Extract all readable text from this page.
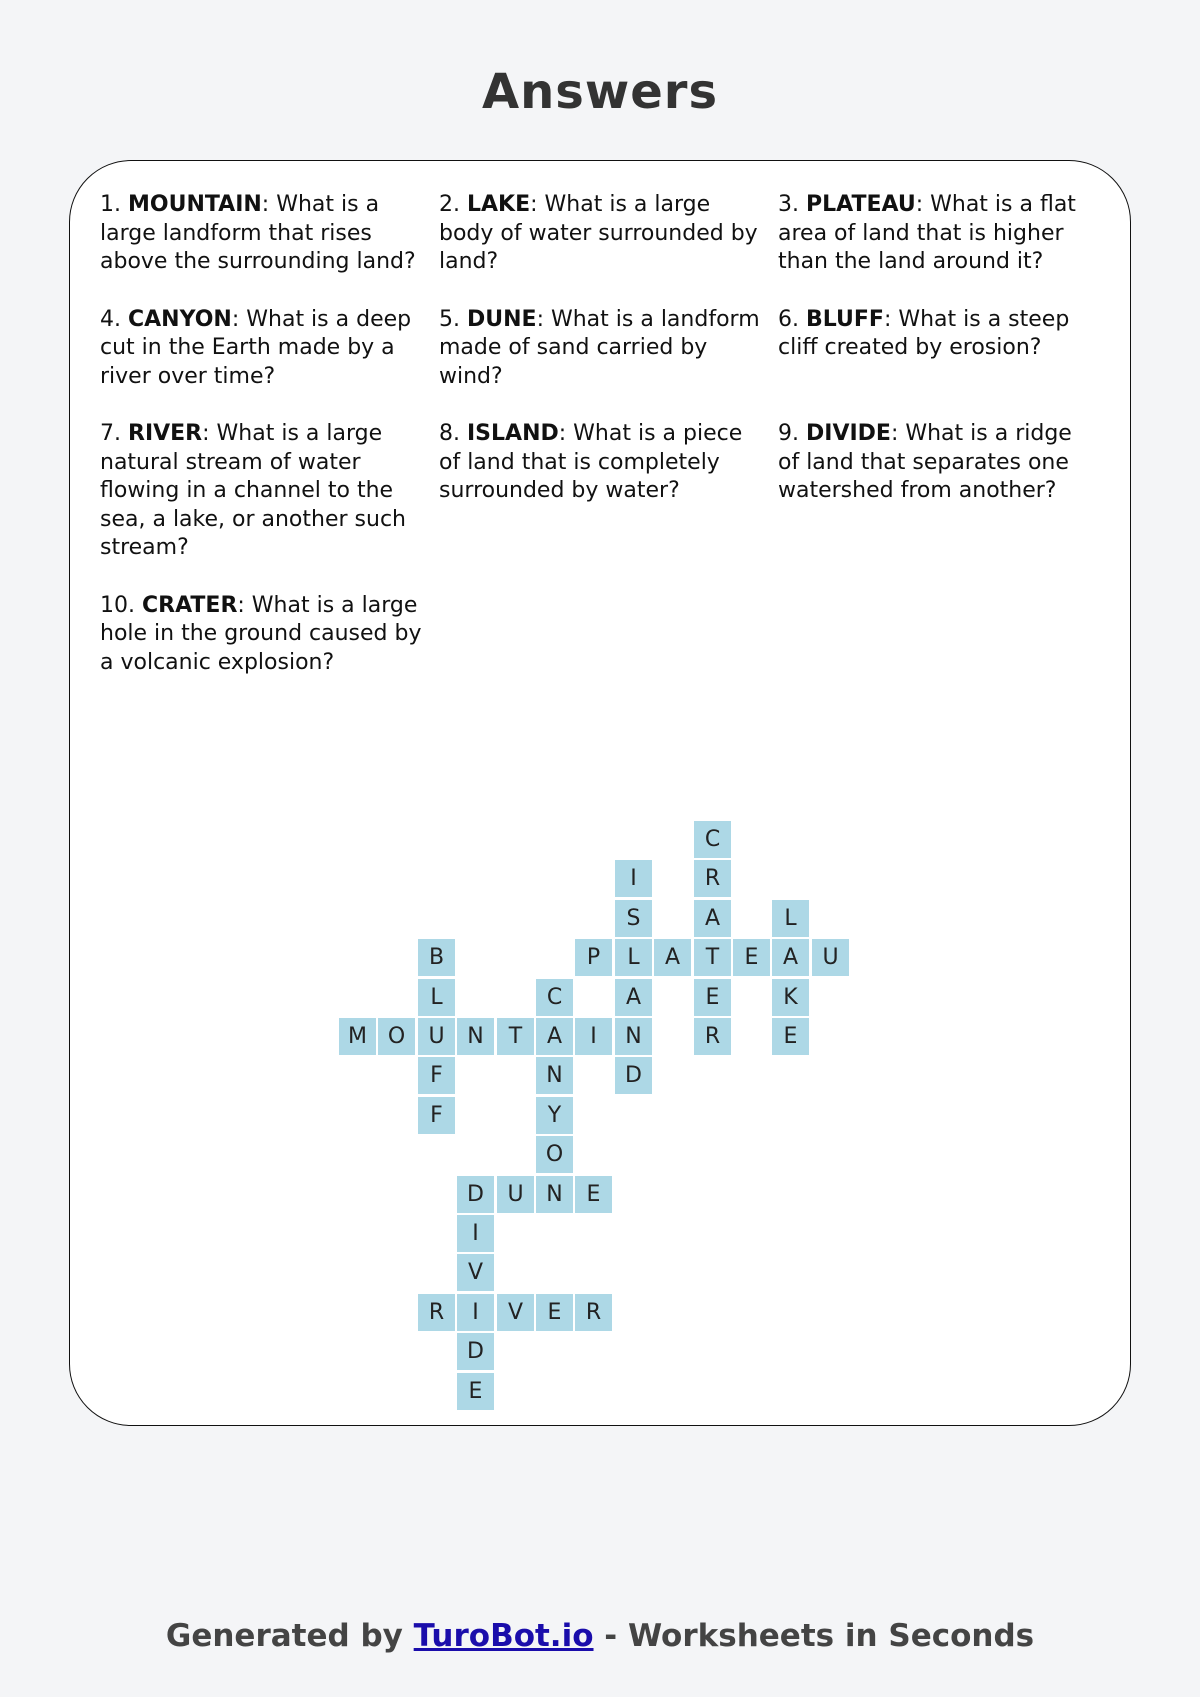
Answers
1. MOUNTAIN: What is a large landform that rises above the surrounding land?
2. LAKE: What is a large body of water surrounded by land?
3. PLATEAU: What is a flat area of land that is higher than the land around it?
4. CANYON: What is a deep cut in the Earth made by a river over time?
5. DUNE: What is a landform made of sand carried by wind?
6. BLUFF: What is a steep cliff created by erosion?
7. RIVER: What is a large natural stream of water flowing in a channel to the sea, a lake, or another such stream?
8. ISLAND: What is a piece of land that is completely surrounded by water?
9. DIVIDE: What is a ridge of land that separates one watershed from another?
10. CRATER: What is a large hole in the ground caused by a volcanic explosion?
M O	U	N	T	A	I	N
P	L	A	T	E	A	U
D	U	N	E
R	I	V	E	R
B
L
F
F
C
N
Y
O
I
S
A
D
C
R
A
E
R
L
K
E
I
V
D
E
Generated by TuroBot.io - Worksheets in Seconds
